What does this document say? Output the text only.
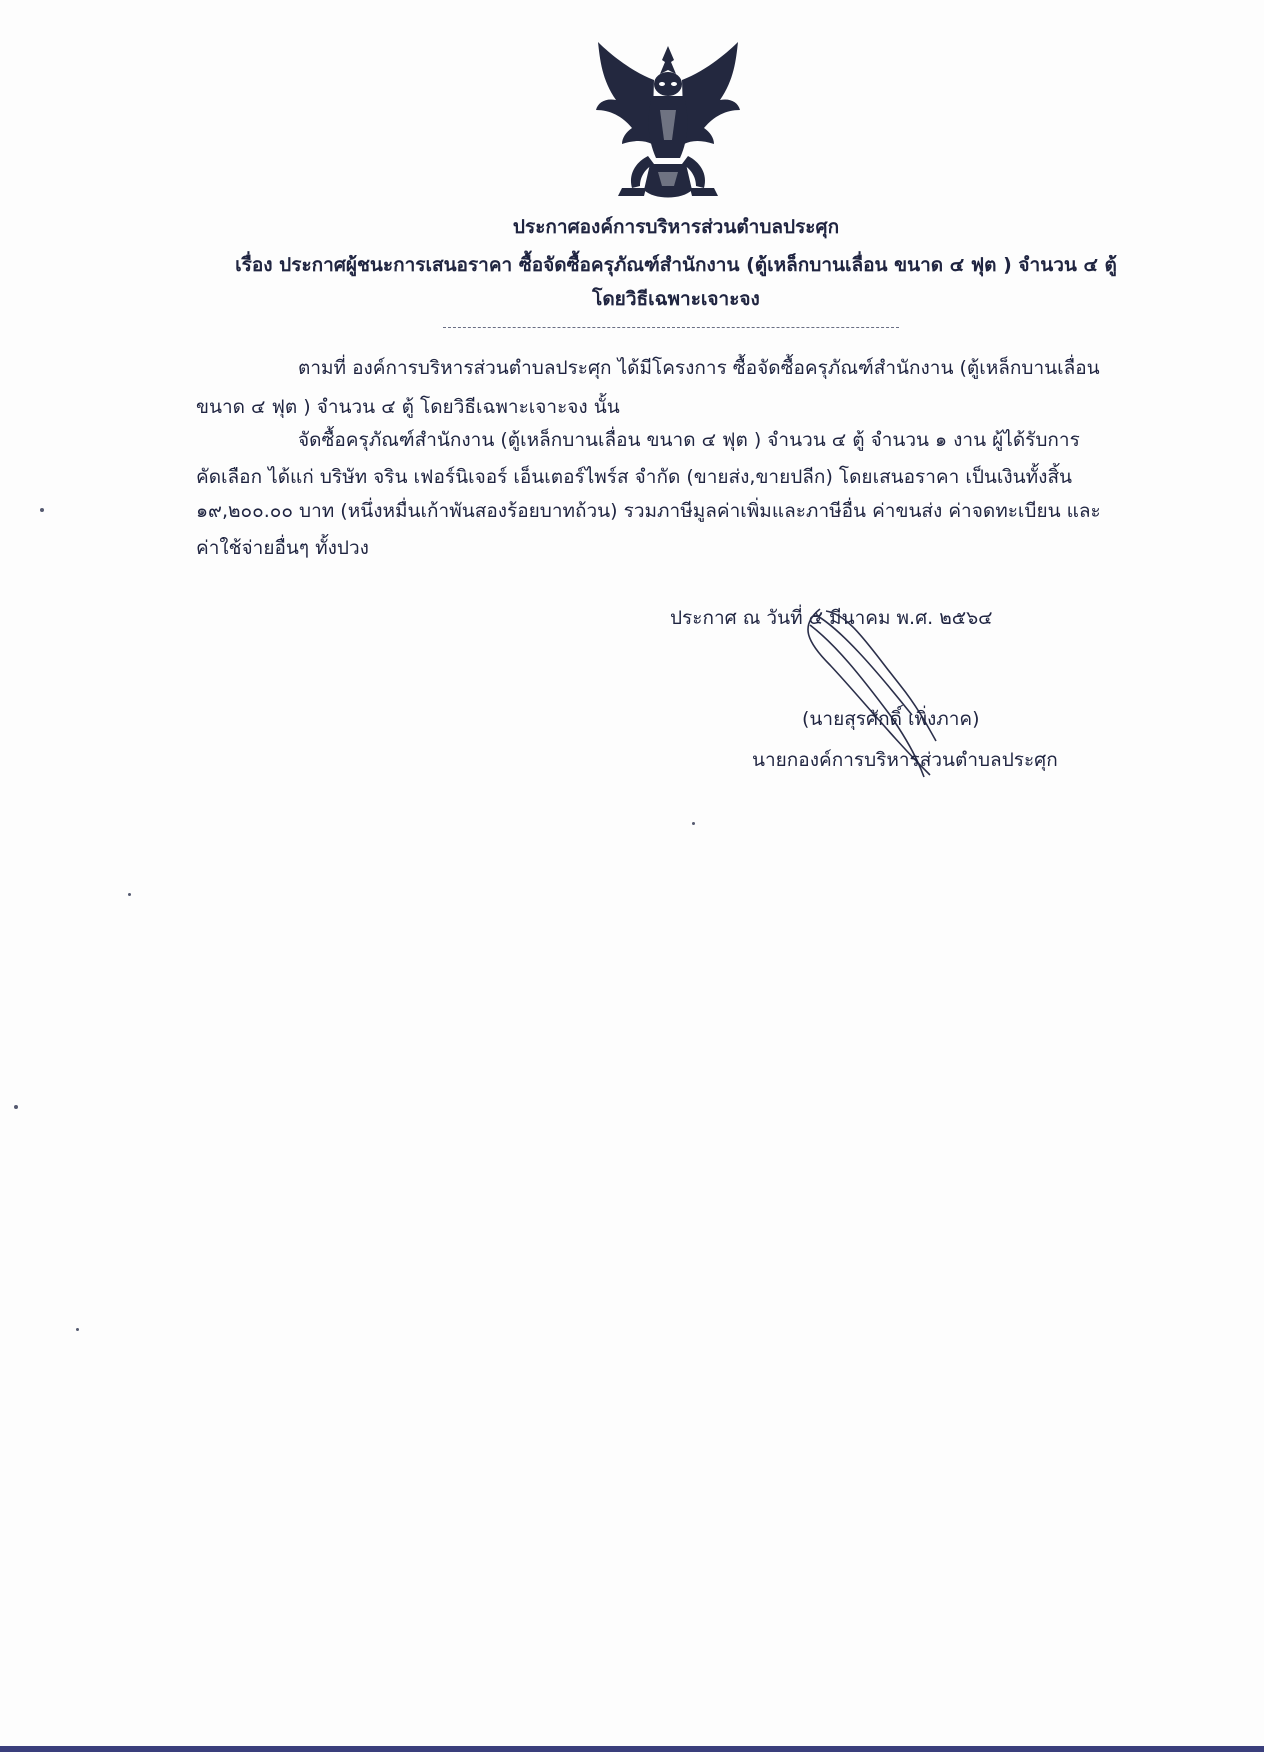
ประกาศองค์การบริหารส่วนตำบลประศุก
เรื่อง ประกาศผู้ชนะการเสนอราคา ซื้อจัดซื้อครุภัณฑ์สำนักงาน (ตู้เหล็กบานเลื่อน ขนาด ๔ ฟุต ) จำนวน ๔ ตู้
โดยวิธีเฉพาะเจาะจง
ตามที่ องค์การบริหารส่วนตำบลประศุก ได้มีโครงการ ซื้อจัดซื้อครุภัณฑ์สำนักงาน (ตู้เหล็กบานเลื่อน
ขนาด ๔ ฟุต ) จำนวน ๔ ตู้ โดยวิธีเฉพาะเจาะจง นั้น
จัดซื้อครุภัณฑ์สำนักงาน (ตู้เหล็กบานเลื่อน ขนาด ๔ ฟุต ) จำนวน ๔ ตู้ จำนวน ๑ งาน ผู้ได้รับการ
คัดเลือก ได้แก่ บริษัท จริน เฟอร์นิเจอร์ เอ็นเตอร์ไพร์ส จำกัด (ขายส่ง,ขายปลีก) โดยเสนอราคา เป็นเงินทั้งสิ้น
๑๙,๒๐๐.๐๐ บาท (หนึ่งหมื่นเก้าพันสองร้อยบาทถ้วน) รวมภาษีมูลค่าเพิ่มและภาษีอื่น ค่าขนส่ง ค่าจดทะเบียน และ
ค่าใช้จ่ายอื่นๆ ทั้งปวง
ประกาศ ณ วันที่ ๕ มีนาคม พ.ศ. ๒๕๖๔
(นายสุรศักดิ์ เพิ่งภาค)
นายกองค์การบริหารส่วนตำบลประศุก
